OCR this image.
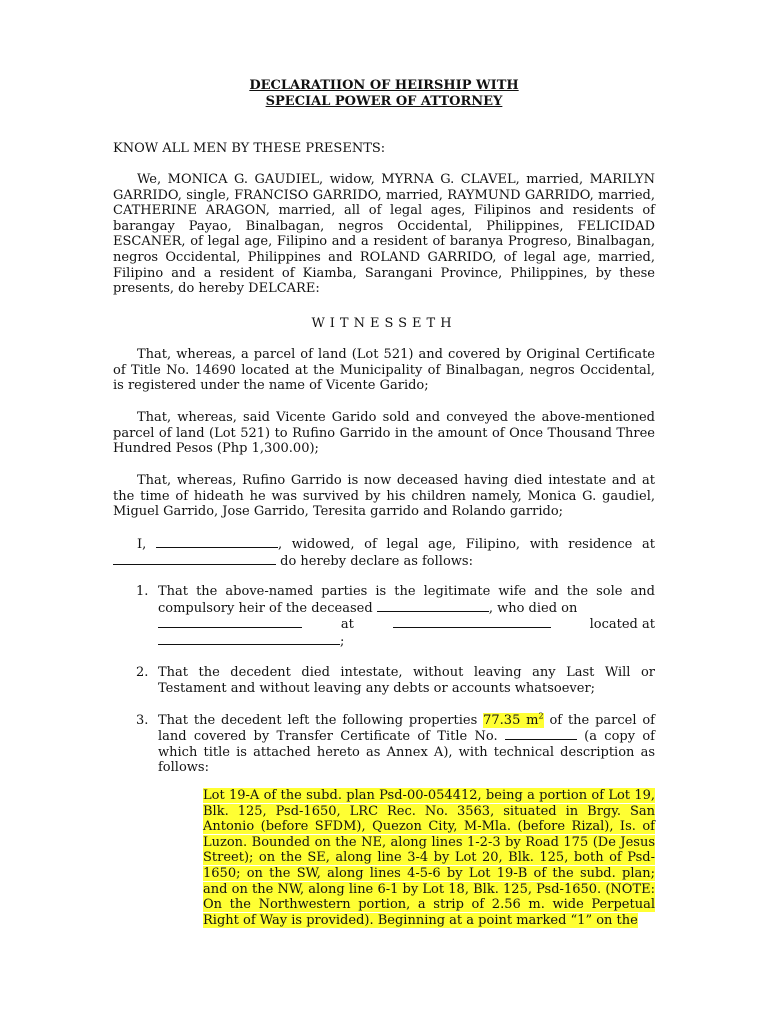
DECLARATIION OF HEIRSHIP WITH
SPECIAL POWER OF ATTORNEY
KNOW ALL MEN BY THESE PRESENTS:
We, MONICA G. GAUDIEL, widow, MYRNA G. CLAVEL, married, MARILYN GARRIDO, single, FRANCISO GARRIDO, married, RAYMUND GARRIDO, married, CATHERINE ARAGON, married, all of legal ages, Filipinos and residents of barangay Payao, Binalbagan, negros Occidental, Philippines, FELICIDAD ESCANER, of legal age, Filipino and a resident of baranya Progreso, Binalbagan, negros Occidental, Philippines and ROLAND GARRIDO, of legal age, married, Filipino and a resident of Kiamba, Sarangani Province, Philippines, by these presents, do hereby DELCARE:
WITNESSETH
That, whereas, a parcel of land (Lot 521) and covered by Original Certificate of Title No. 14690 located at the Municipality of Binalbagan, negros Occidental, is registered under the name of Vicente Garido;
That, whereas, said Vicente Garido sold and conveyed the above-mentioned parcel of land (Lot 521) to Rufino Garrido in the amount of Once Thousand Three Hundred Pesos (Php 1,300.00);
That, whereas, Rufino Garrido is now deceased having died intestate and at the time of hideath he was survived by his children namely, Monica G. gaudiel, Miguel Garrido, Jose Garrido, Teresita garrido and Rolando garrido;
I,	, widowed, of legal age, Filipino, with residence at  do hereby declare as follows:
1. That the above-named parties is the legitimate wife and the sole and compulsory heir of the deceased	, who died on
at	located at
;
2. That the decedent died intestate, without leaving any Last Will or Testament and without leaving any debts or accounts whatsoever;
3. That the decedent left the following properties 77.35 $m^2$ of the parcel of land covered by Transfer Certificate of Title No.	(a copy of which title is attached hereto as Annex A), with technical description as follows:
Lot 19-A of the subd. plan Psd-00-054412, being a portion of Lot 19, Blk. 125, Psd-1650, LRC Rec. No. 3563, situated in Brgy. San Antonio (before SFDM), Quezon City, M-Mla. (before Rizal), Is. of Luzon. Bounded on the NE, along lines 1-2-3 by Road 175 (De Jesus Street); on the SE, along line 3-4 by Lot 20, Blk. 125, both of Psd-1650; on the SW, along lines 4-5-6 by Lot 19-B of the subd. plan; and on the NW, along line 6-1 by Lot 18, Blk. 125, Psd-1650. (NOTE: On the Northwestern portion, a strip of 2.56 m. wide Perpetual Right of Way is provided). Beginning at a point marked “1” on the
